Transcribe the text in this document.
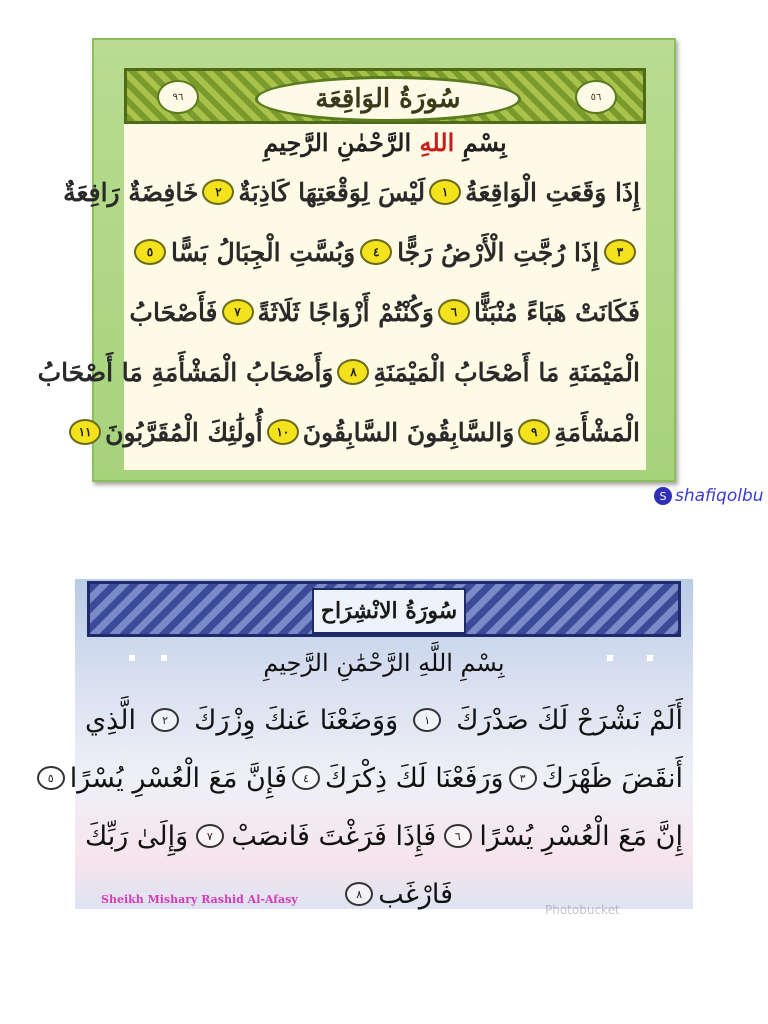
٩٦	سُورَةُ الوَاقِعَة	٥٦
بِسْمِ اللهِ الرَّحْمٰنِ الرَّحِيمِ
إِذَا وَقَعَتِ الْوَاقِعَةُ
١
لَيْسَ لِوَقْعَتِهَا كَاذِبَةٌ
٢
خَافِضَةٌ رَافِعَةٌ
٣
إِذَا رُجَّتِ الْأَرْضُ رَجًّا
٤
وَبُسَّتِ الْجِبَالُ بَسًّا
٥
فَكَانَتْ هَبَاءً مُنْبَثًّا
٦
وَكُنْتُمْ أَزْوَاجًا ثَلَاثَةً
٧
فَأَصْحَابُ
الْمَيْمَنَةِ مَا أَصْحَابُ الْمَيْمَنَةِ
٨
وَأَصْحَابُ الْمَشْأَمَةِ مَا أَصْحَابُ
الْمَشْأَمَةِ
٩
وَالسَّابِقُونَ السَّابِقُونَ
١٠
أُولَٰئِكَ الْمُقَرَّبُونَ
١١
S shafiqolbu
سُورَةُ الانْشِرَاح
بِسْمِ اللَّهِ الرَّحْمَٰنِ الرَّحِيمِ
أَلَمْ نَشْرَحْ لَكَ صَدْرَكَ
١
وَوَضَعْنَا عَنكَ وِزْرَكَ
٢
الَّذِي
أَنقَضَ ظَهْرَكَ
٣
وَرَفَعْنَا لَكَ ذِكْرَكَ
٤
فَإِنَّ مَعَ الْعُسْرِ يُسْرًا
٥
إِنَّ مَعَ الْعُسْرِ يُسْرًا
٦
فَإِذَا فَرَغْتَ فَانصَبْ
٧
وَإِلَىٰ رَبِّكَ
فَارْغَب
٨
Sheikh Mishary Rashid Al-Afasy
Photobucket
